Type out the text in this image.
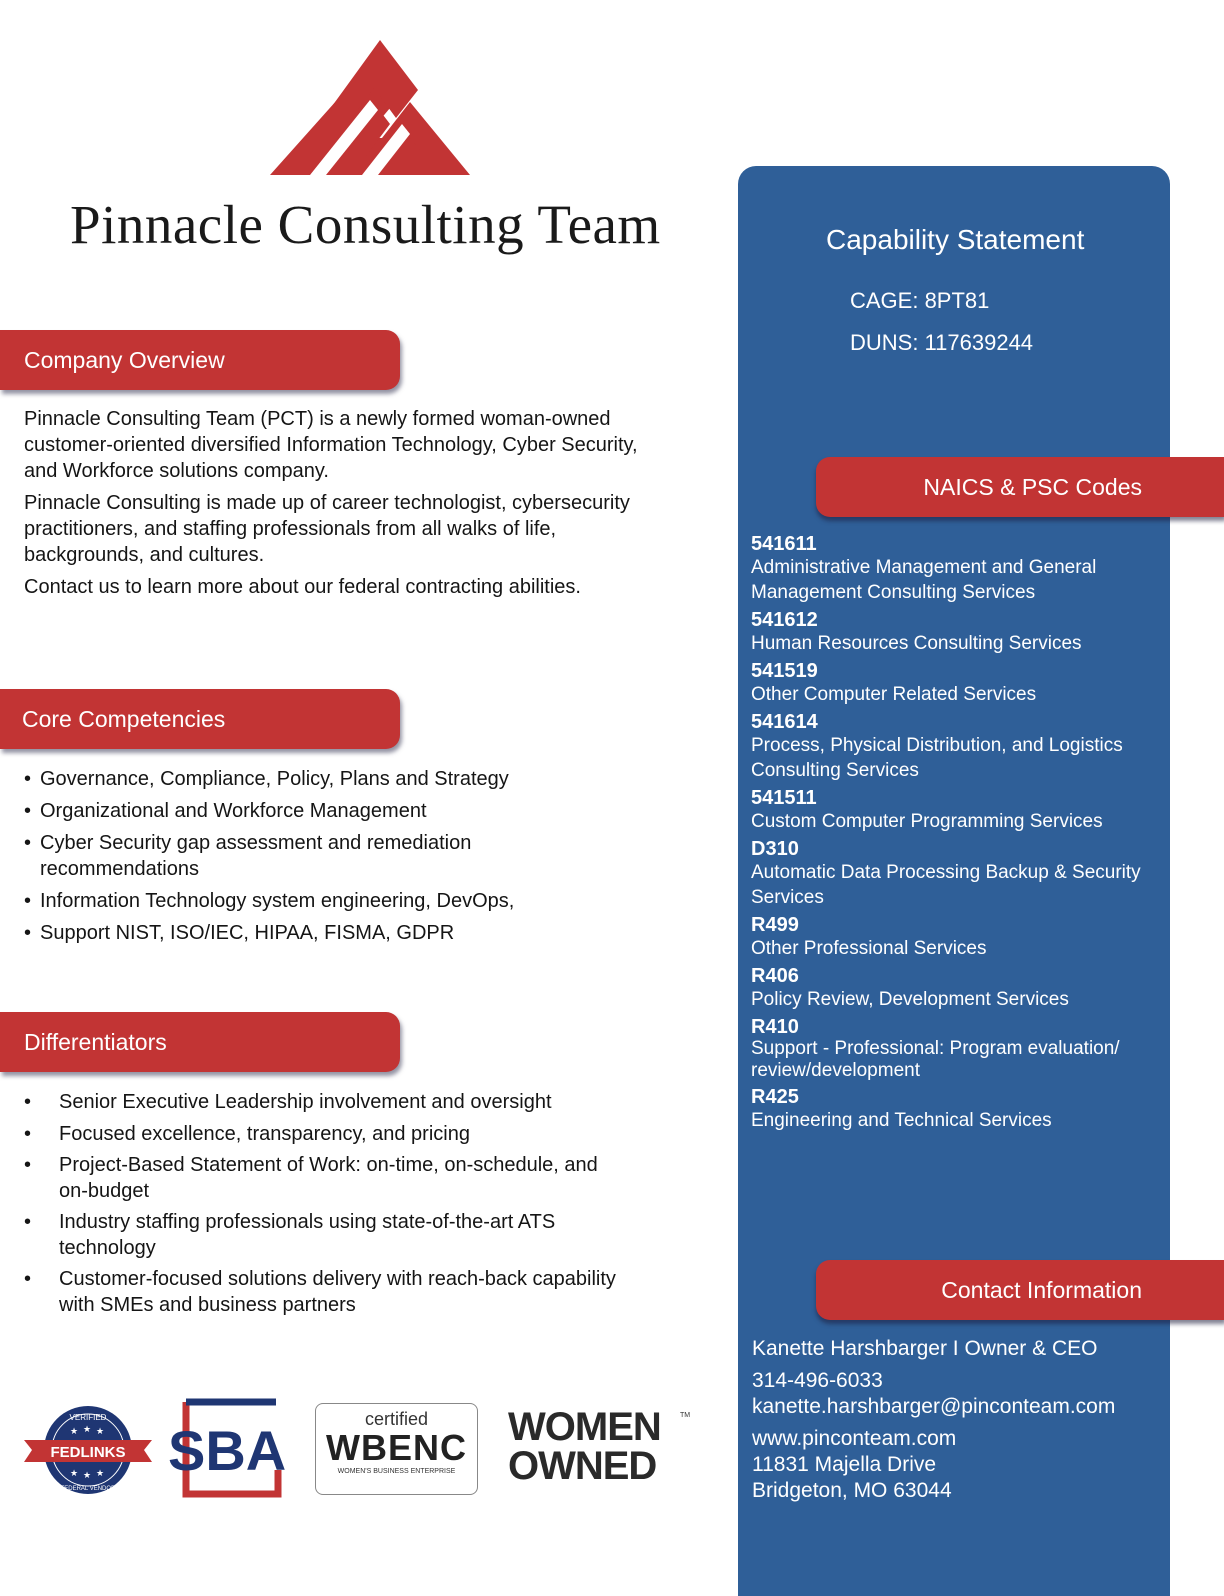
Pinnacle Consulting Team
Company Overview
Pinnacle Consulting Team (PCT) is a newly formed woman-owned customer-oriented diversified Information Technology, Cyber Security, and Workforce solutions company.
Pinnacle Consulting is made up of career technologist, cybersecurity practitioners, and staffing professionals from all walks of life, backgrounds, and cultures.
Contact us to learn more about our federal contracting abilities.
Core Competencies
• Governance, Compliance, Policy, Plans and Strategy
• Organizational and Workforce Management
• Cyber Security gap assessment and remediation recommendations
• Information Technology system engineering, DevOps,
• Support NIST, ISO/IEC, HIPAA, FISMA, GDPR
Differentiators
• Senior Executive Leadership involvement and oversight
• Focused excellence, transparency, and pricing
• Project-Based Statement of Work: on-time, on-schedule, and on-budget
• Industry staffing professionals using state-of-the-art ATS technology
• Customer-focused solutions delivery with reach-back capability with SMEs and business partners
VERIFIED
★ ★ ★
FEDLINKS
★ ★ ★
FEDERAL VENDOR
SBA	certified
WBENC
WOMEN'S BUSINESS ENTERPRISE
WOMEN
OWNED
TM
Capability Statement
CAGE: 8PT81
DUNS: 117639244
NAICS & PSC Codes
541611
Administrative Management and General Management Consulting Services
541612
Human Resources Consulting Services
541519
Other Computer Related Services
541614
Process, Physical Distribution, and Logistics Consulting Services
541511
Custom Computer Programming Services
D310
Automatic Data Processing Backup & Security Services
R499
Other Professional Services
R406
Policy Review, Development Services
R410
Support - Professional: Program evaluation/ review/development
R425
Engineering and Technical Services
Contact Information
Kanette Harshbarger I Owner & CEO
314-496-6033
kanette.harshbarger@pinconteam.com
www.pinconteam.com
11831 Majella Drive
Bridgeton, MO 63044
